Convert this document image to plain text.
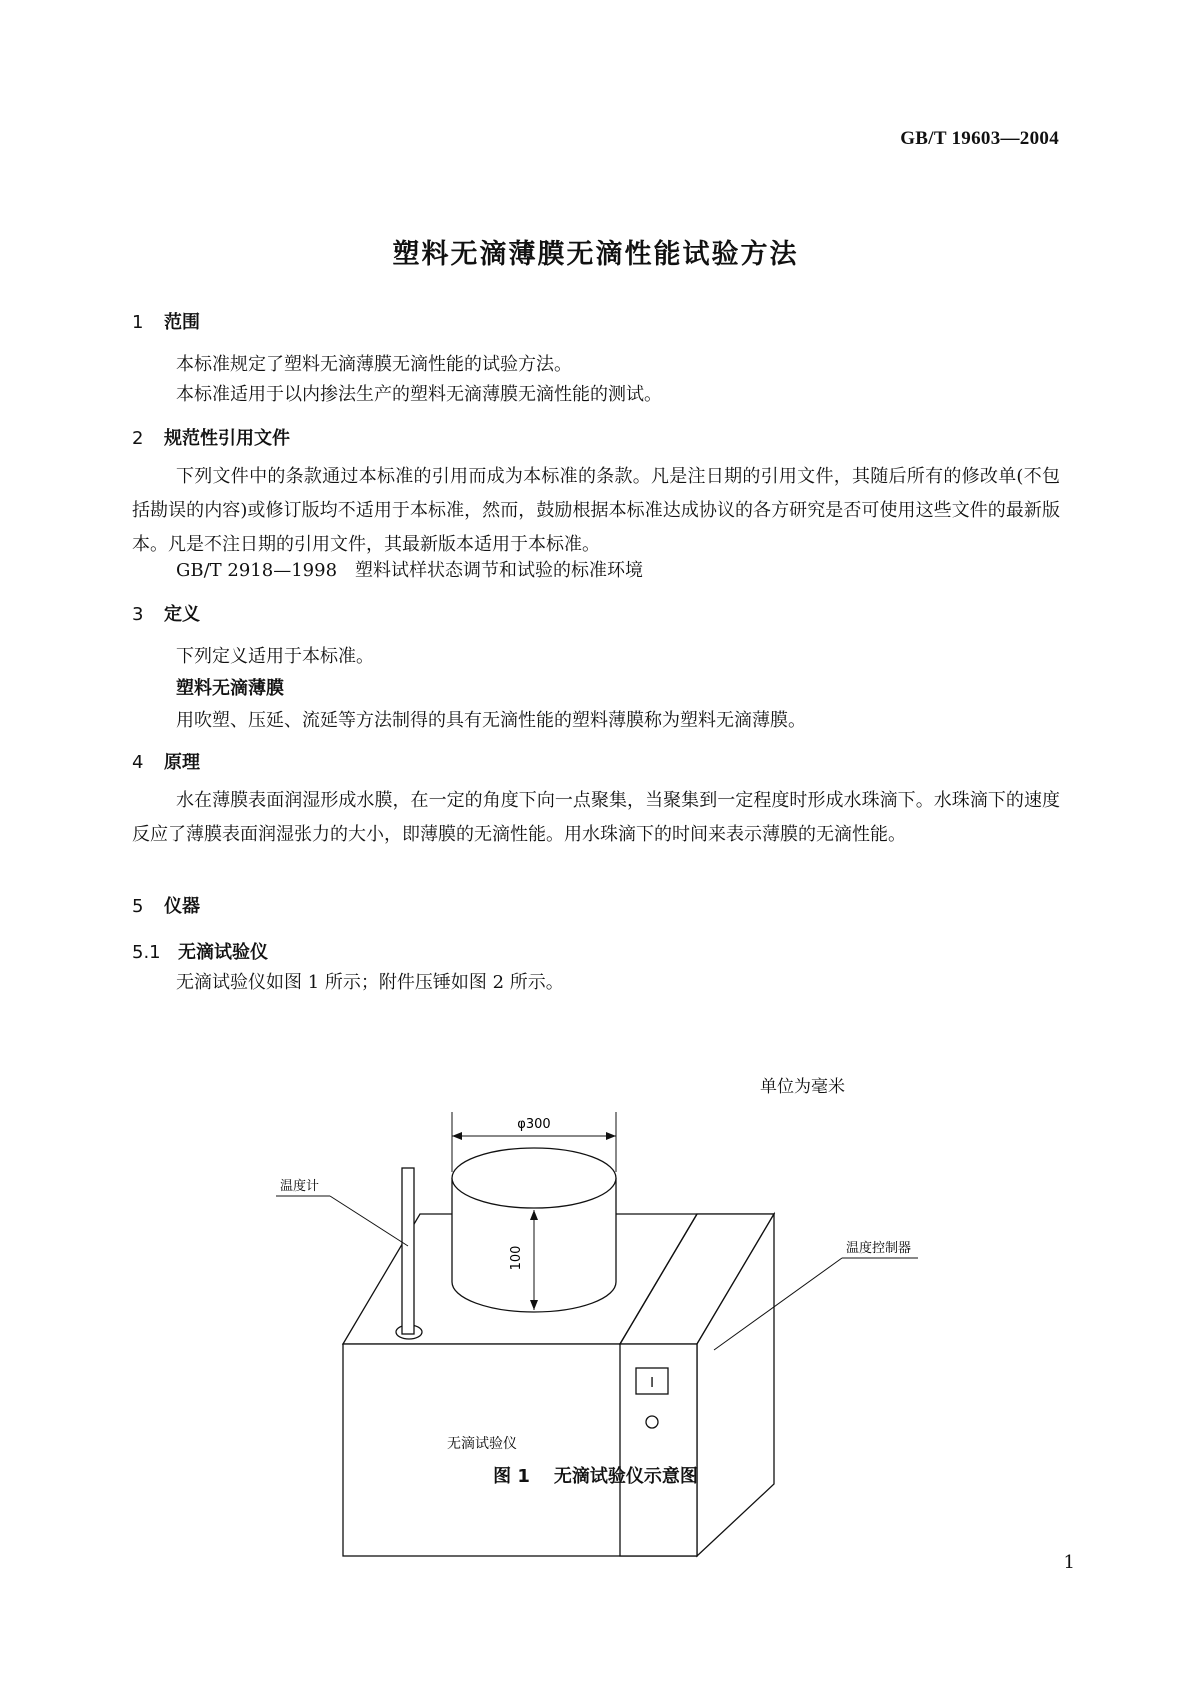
GB/T 19603—2004
塑料无滴薄膜无滴性能试验方法
1 范围
本标准规定了塑料无滴薄膜无滴性能的试验方法。
本标准适用于以内掺法生产的塑料无滴薄膜无滴性能的测试。
2 规范性引用文件
下列文件中的条款通过本标准的引用而成为本标准的条款。凡是注日期的引用文件，其随后所有的修改单(不包括勘误的内容)或修订版均不适用于本标准，然而，鼓励根据本标准达成协议的各方研究是否可使用这些文件的最新版本。凡是不注日期的引用文件，其最新版本适用于本标准。
GB/T 2918—1998　塑料试样状态调节和试验的标准环境
3 定义
下列定义适用于本标准。
塑料无滴薄膜
用吹塑、压延、流延等方法制得的具有无滴性能的塑料薄膜称为塑料无滴薄膜。
4 原理
水在薄膜表面润湿形成水膜，在一定的角度下向一点聚集，当聚集到一定程度时形成水珠滴下。水珠滴下的速度反应了薄膜表面润湿张力的大小，即薄膜的无滴性能。用水珠滴下的时间来表示薄膜的无滴性能。
5 仪器
5.1 无滴试验仪
无滴试验仪如图 1 所示；附件压锤如图 2 所示。
单位为毫米
φ300
100
温度计
温度控制器
无滴试验仪
I
图 1 无滴试验仪示意图
1
